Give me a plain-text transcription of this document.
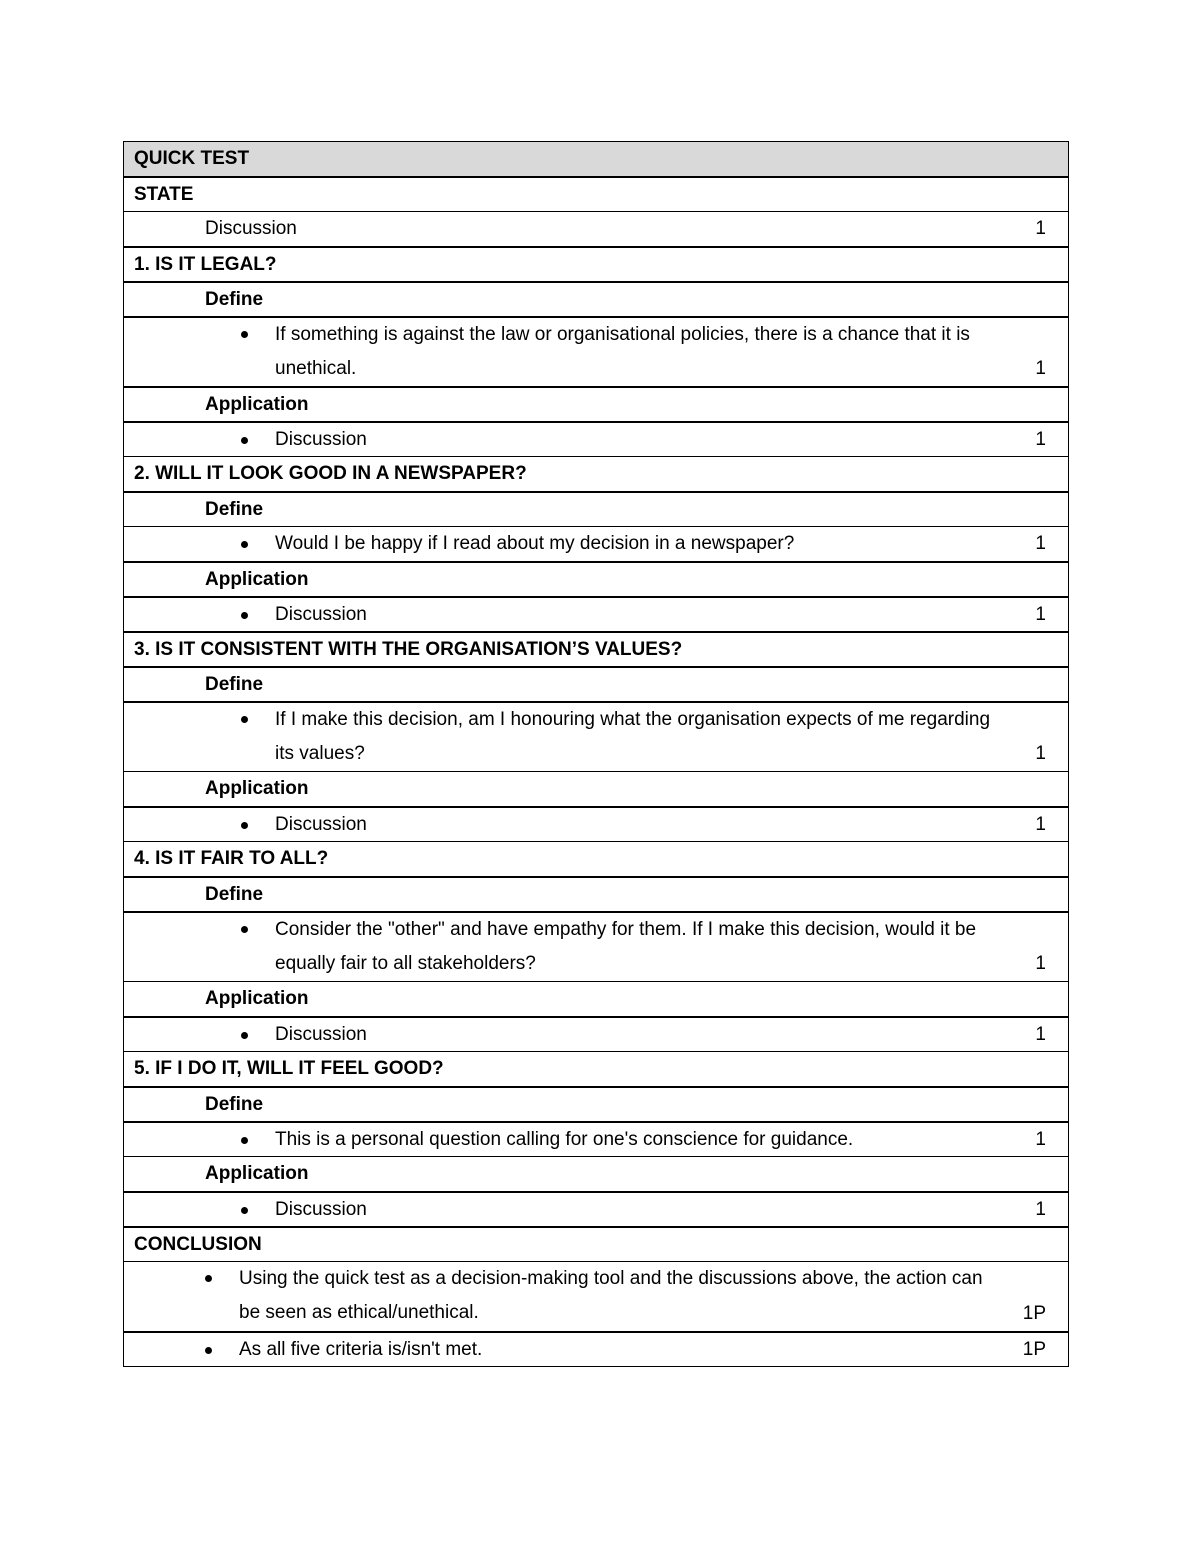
QUICK TEST
STATE
Discussion	1
1. IS IT LEGAL?
Define
If something is against the law or organisational policies, there is a chance that it is
unethical.	1
Application
Discussion	1
2. WILL IT LOOK GOOD IN A NEWSPAPER?
Define
Would I be happy if I read about my decision in a newspaper?	1
Application
Discussion	1
3. IS IT CONSISTENT WITH THE ORGANISATION’S VALUES?
Define
If I make this decision, am I honouring what the organisation expects of me regarding
its values?	1
Application
Discussion	1
4. IS IT FAIR TO ALL?
Define
Consider the "other" and have empathy for them. If I make this decision, would it be
equally fair to all stakeholders?	1
Application
Discussion	1
5. IF I DO IT, WILL IT FEEL GOOD?
Define
This is a personal question calling for one's conscience for guidance.	1
Application
Discussion	1
CONCLUSION
Using the quick test as a decision-making tool and the discussions above, the action can
be seen as ethical/unethical.	1P
As all five criteria is/isn't met.	1P
